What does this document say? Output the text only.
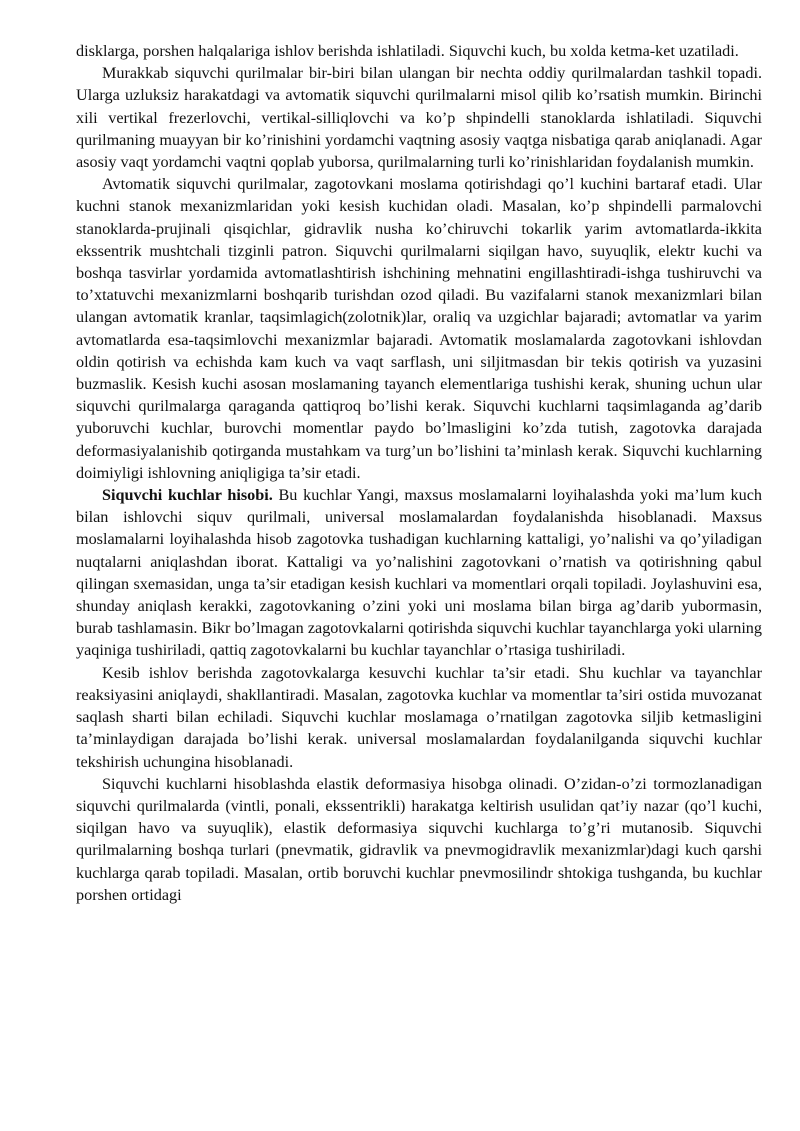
disklarga, porshen halqalariga ishlov berishda ishlatiladi. Siquvchi kuch, bu xolda ketma-ket uzatiladi.

Murakkab siquvchi qurilmalar bir-biri bilan ulangan bir nechta oddiy qurilmalardan tashkil topadi. Ularga uzluksiz harakatdagi va avtomatik siquvchi qurilmalarni misol qilib ko’rsatish mumkin. Birinchi xili vertikal frezerlovchi, vertikal-silliqlovchi va ko’p shpindelli stanoklarda ishlatiladi. Siquvchi qurilmaning muayyan bir ko’rinishini yordamchi vaqtning asosiy vaqtga nisbatiga qarab aniqlanadi. Agar asosiy vaqt yordamchi vaqtni qoplab yuborsa, qurilmalarning turli ko’rinishlaridan foydalanish mumkin.

Avtomatik siquvchi qurilmalar, zagotovkani moslama qotirishdagi qo’l kuchini bartaraf etadi. Ular kuchni stanok mexanizmlaridan yoki kesish kuchidan oladi. Masalan, ko’p shpindelli parmalovchi stanoklarda-prujinali qisqichlar, gidravlik nusha ko’chiruvchi tokarlik yarim avtomatlarda-ikkita ekssentrik mushtchali tizginli patron. Siquvchi qurilmalarni siqilgan havo, suyuqlik, elektr kuchi va boshqa tasvirlar yordamida avtomatlashtirish ishchining mehnatini engillashtiradi-ishga tushiruvchi va to’xtatuvchi mexanizmlarni boshqarib turishdan ozod qiladi. Bu vazifalarni stanok mexanizmlari bilan ulangan avtomatik kranlar, taqsimlagich(zolotnik)lar, oraliq va uzgichlar bajaradi; avtomatlar va yarim avtomatlarda esa-taqsimlovchi mexanizmlar bajaradi. Avtomatik moslamalarda zagotovkani ishlovdan oldin qotirish va echishda kam kuch va vaqt sarflash, uni siljitmasdan bir tekis qotirish va yuzasini buzmaslik. Kesish kuchi asosan moslamaning tayanch elementlariga tushishi kerak, shuning uchun ular siquvchi qurilmalarga qaraganda qattiqroq bo’lishi kerak. Siquvchi kuchlarni taqsimlaganda ag’darib yuboruvchi kuchlar, burovchi momentlar paydo bo’lmasligini ko’zda tutish, zagotovka darajada deformasiyalanishib qotirganda mustahkam va turg’un bo’lishini ta’minlash kerak. Siquvchi kuchlarning doimiyligi ishlovning aniqligiga ta’sir etadi.

Siquvchi kuchlar hisobi. Bu kuchlar Yangi, maxsus moslamalarni loyihalashda yoki ma’lum kuch bilan ishlovchi siquv qurilmali, universal moslamalardan foydalanishda hisoblanadi. Maxsus moslamalarni loyihalashda hisob zagotovka tushadigan kuchlarning kattaligi, yo’nalishi va qo’yiladigan nuqtalarni aniqlashdan iborat. Kattaligi va yo’nalishini zagotovkani o’rnatish va qotirishning qabul qilingan sxemasidan, unga ta’sir etadigan kesish kuchlari va momentlari orqali topiladi. Joylashuvini esa, shunday aniqlash kerakki, zagotovkaning o’zini yoki uni moslama bilan birga ag’darib yubormasin, burab tashlamasin. Bikr bo’lmagan zagotovkalarni qotirishda siquvchi kuchlar tayanchlarga yoki ularning yaqiniga tushiriladi, qattiq zagotovkalarni bu kuchlar tayanchlar o’rtasiga tushiriladi.

Kesib ishlov berishda zagotovkalarga kesuvchi kuchlar ta’sir etadi. Shu kuchlar va tayanchlar reaksiyasini aniqlaydi, shakllantiradi. Masalan, zagotovka kuchlar va momentlar ta’siri ostida muvozanat saqlash sharti bilan echiladi. Siquvchi kuchlar moslamaga o’rnatilgan zagotovka siljib ketmasligini ta’minlaydigan darajada bo’lishi kerak. universal moslamalardan foydalanilganda siquvchi kuchlar tekshirish uchungina hisoblanadi.

Siquvchi kuchlarni hisoblashda elastik deformasiya hisobga olinadi. O’zidan-o’zi tormozlanadigan siquvchi qurilmalarda (vintli, ponali, ekssentrikli) harakatga keltirish usulidan qat’iy nazar (qo’l kuchi, siqilgan havo va suyuqlik), elastik deformasiya siquvchi kuchlarga to’g’ri mutanosib. Siquvchi qurilmalarning boshqa turlari (pnevmatik, gidravlik va pnevmogidravlik mexanizmlar)dagi kuch qarshi kuchlarga qarab topiladi. Masalan, ortib boruvchi kuchlar pnevmosilindr shtokiga tushganda, bu kuchlar porshen ortidagi
